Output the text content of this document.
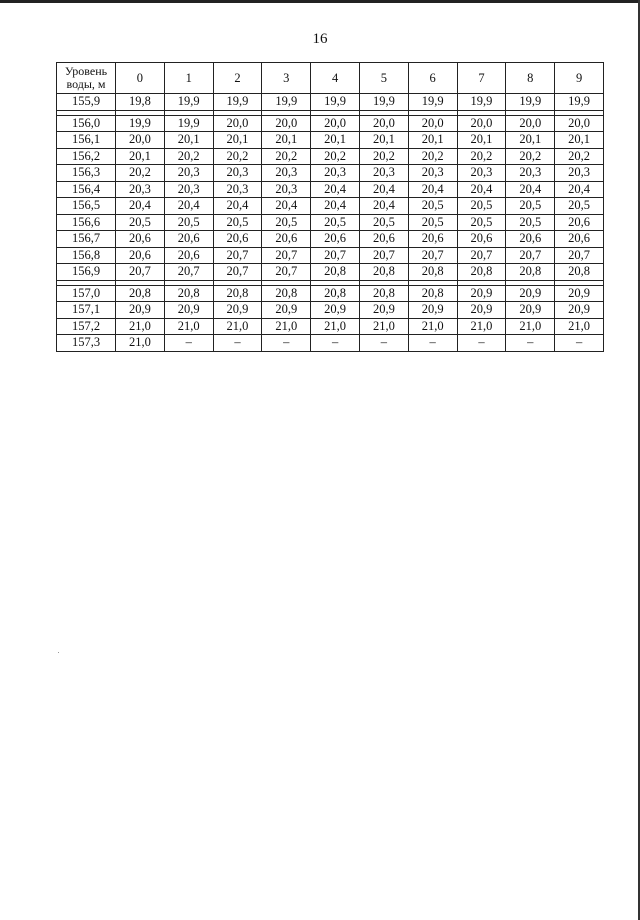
16
Уровень воды, м	0	1	2	3	4	5	6	7	8	9
155,9	19,8	19,9	19,9	19,9	19,9	19,9	19,9	19,9	19,9	19,9

156,0	19,9	19,9	20,0	20,0	20,0	20,0	20,0	20,0	20,0	20,0
156,1	20,0	20,1	20,1	20,1	20,1	20,1	20,1	20,1	20,1	20,1
156,2	20,1	20,2	20,2	20,2	20,2	20,2	20,2	20,2	20,2	20,2
156,3	20,2	20,3	20,3	20,3	20,3	20,3	20,3	20,3	20,3	20,3
156,4	20,3	20,3	20,3	20,3	20,4	20,4	20,4	20,4	20,4	20,4
156,5	20,4	20,4	20,4	20,4	20,4	20,4	20,5	20,5	20,5	20,5
156,6	20,5	20,5	20,5	20,5	20,5	20,5	20,5	20,5	20,5	20,6
156,7	20,6	20,6	20,6	20,6	20,6	20,6	20,6	20,6	20,6	20,6
156,8	20,6	20,6	20,7	20,7	20,7	20,7	20,7	20,7	20,7	20,7
156,9	20,7	20,7	20,7	20,7	20,8	20,8	20,8	20,8	20,8	20,8

157,0	20,8	20,8	20,8	20,8	20,8	20,8	20,8	20,9	20,9	20,9
157,1	20,9	20,9	20,9	20,9	20,9	20,9	20,9	20,9	20,9	20,9
157,2	21,0	21,0	21,0	21,0	21,0	21,0	21,0	21,0	21,0	21,0
157,3	21,0	–	–	–	–	–	–	–	–	–
